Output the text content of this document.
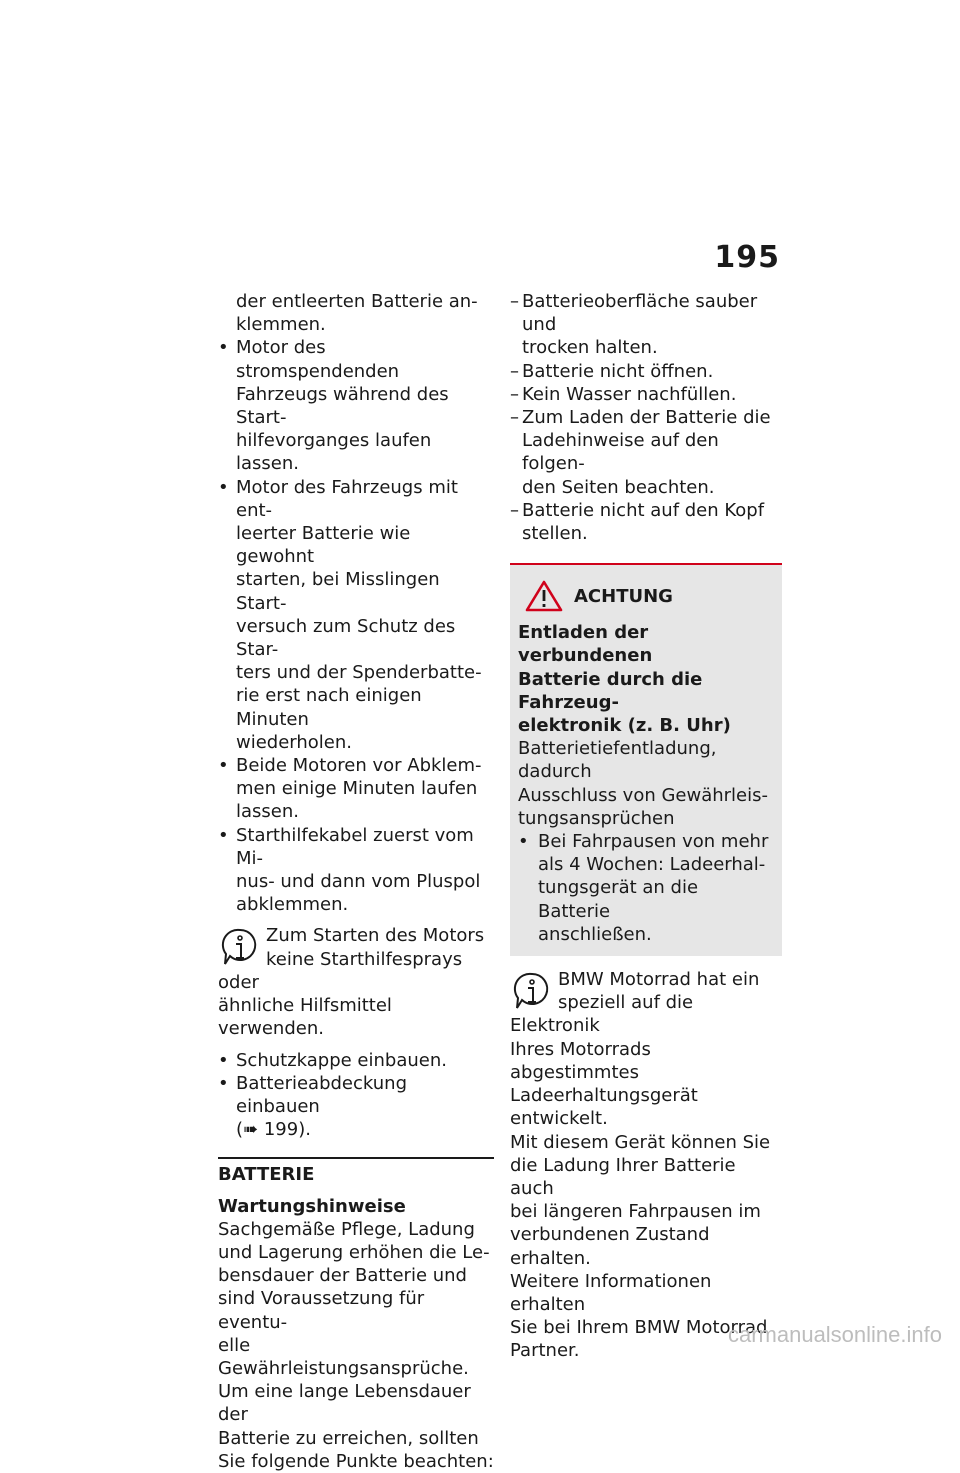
195
der entleerten Batterie an-
klemmen.
• Motor des stromspendenden
Fahrzeugs während des Start-
hilfevorganges laufen lassen.
• Motor des Fahrzeugs mit ent-
leerter Batterie wie gewohnt
starten, bei Misslingen Start-
versuch zum Schutz des Star-
ters und der Spenderbatte-
rie erst nach einigen Minuten
wiederholen.
• Beide Motoren vor Abklem-
men einige Minuten laufen
lassen.
• Starthilfekabel zuerst vom Mi-
nus- und dann vom Pluspol
abklemmen.
Zum Starten des Motors
keine Starthilfesprays oder
ähnliche Hilfsmittel verwenden.
• Schutzkappe einbauen.
• Batterieabdeckung einbauen
(➠ 199).
BATTERIE
Wartungshinweise
Sachgemäße Pflege, Ladung
und Lagerung erhöhen die Le-
bensdauer der Batterie und
sind Voraussetzung für eventu-
elle Gewährleistungsansprüche.
Um eine lange Lebensdauer der
Batterie zu erreichen, sollten
Sie folgende Punkte beachten:
– Batterieoberfläche sauber und
trocken halten.
– Batterie nicht öffnen.
– Kein Wasser nachfüllen.
– Zum Laden der Batterie die
Ladehinweise auf den folgen-
den Seiten beachten.
– Batterie nicht auf den Kopf
stellen.
ACHTUNG
Entladen der verbundenen
Batterie durch die Fahrzeug-
elektronik (z. B. Uhr)
Batterietiefentladung, dadurch
Ausschluss von Gewährleis-
tungsansprüchen
• Bei Fahrpausen von mehr
als 4 Wochen: Ladeerhal-
tungsgerät an die Batterie
anschließen.
BMW Motorrad hat ein
speziell auf die Elektronik
Ihres Motorrads abgestimmtes
Ladeerhaltungsgerät entwickelt.
Mit diesem Gerät können Sie
die Ladung Ihrer Batterie auch
bei längeren Fahrpausen im
verbundenen Zustand erhalten.
Weitere Informationen erhalten
Sie bei Ihrem BMW Motorrad
Partner.
carmanualsonline.info
